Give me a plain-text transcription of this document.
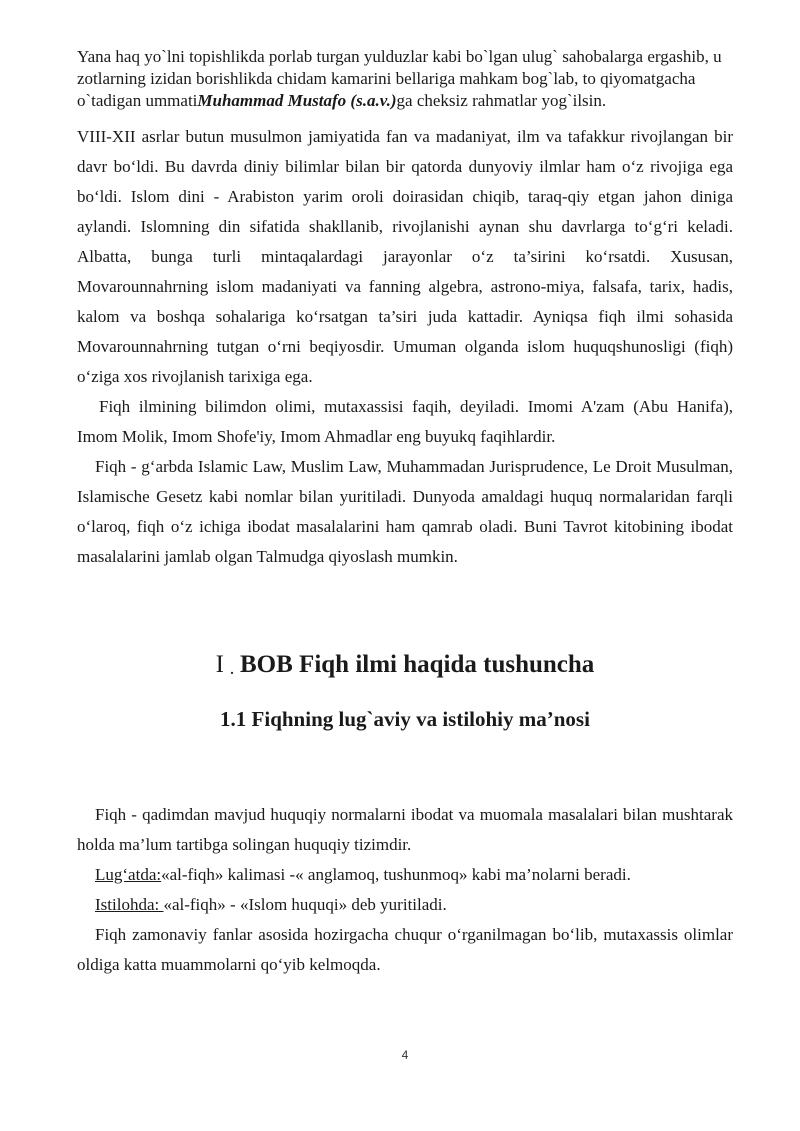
Yana haq yo`lni topishlikda porlab turgan yulduzlar kabi bo`lgan ulug` sahobalarga ergashib, u zotlarning izidan borishlikda chidam kamarini bellariga mahkam bog`lab, to qiyomatgacha o`tadigan ummatiMuhammad Mustafo (s.a.v.)ga cheksiz rahmatlar yog`ilsin.

VIII-XII asrlar butun musulmon jamiyatida fan va madaniyat, ilm va tafakkur rivojlangan bir davr bo‘ldi. Bu davrda diniy bilimlar bilan bir qatorda dunyoviy ilmlar ham o‘z rivojiga ega bo‘ldi. Islom dini - Arabiston yarim oroli doirasidan chiqib, taraq-qiy etgan jahon diniga aylandi. Islomning din sifatida shakllanib, rivojlanishi aynan shu davrlarga to‘g‘ri keladi. Albatta, bunga turli mintaqalardagi jarayonlar o‘z ta’sirini ko‘rsatdi. Xususan, Movarounnahrning islom madaniyati va fanning algebra, astrono-miya, falsafa, tarix, hadis, kalom va boshqa sohalariga ko‘rsatgan ta’siri juda kattadir. Ayniqsa fiqh ilmi sohasida Movarounnahrning tutgan o‘rni beqiyosdir. Umuman olganda islom huquqshunosligi (fiqh) o‘ziga xos rivojlanish tarixiga ega.

Fiqh ilmining bilimdon olimi, mutaxassisi faqih, deyiladi. Imomi A'zam (Abu Hanifa), Imom Molik, Imom Shofe'iy, Imom Ahmadlar eng buyukq faqihlardir.

Fiqh - g‘arbda Islamic Law, Muslim Law, Muhammadan Jurisprudence, Le Droit Musulman, Islamische Gesetz kabi nomlar bilan yuritiladi. Dunyoda amaldagi huquq normalaridan farqli o‘laroq, fiqh o‘z ichiga ibodat masalalarini ham qamrab oladi. Buni Tavrot kitobining ibodat masalalarini jamlab olgan Talmudga qiyoslash mumkin.

I . BOB Fiqh ilmi haqida tushuncha
1.1 Fiqhning lug`aviy va istilohiy ma’nosi

Fiqh - qadimdan mavjud huquqiy normalarni ibodat va muomala masalalari bilan mushtarak holda ma’lum tartibga solingan huquqiy tizimdir.

Lug‘atda:«al-fiqh» kalimasi -« anglamoq, tushunmoq» kabi ma’nolarni beradi.

Istilohda: «al-fiqh» - «Islom huquqi» deb yuritiladi.

Fiqh zamonaviy fanlar asosida hozirgacha chuqur o‘rganilmagan bo‘lib, mutaxassis olimlar oldiga katta muammolarni qo‘yib kelmoqda.

4
